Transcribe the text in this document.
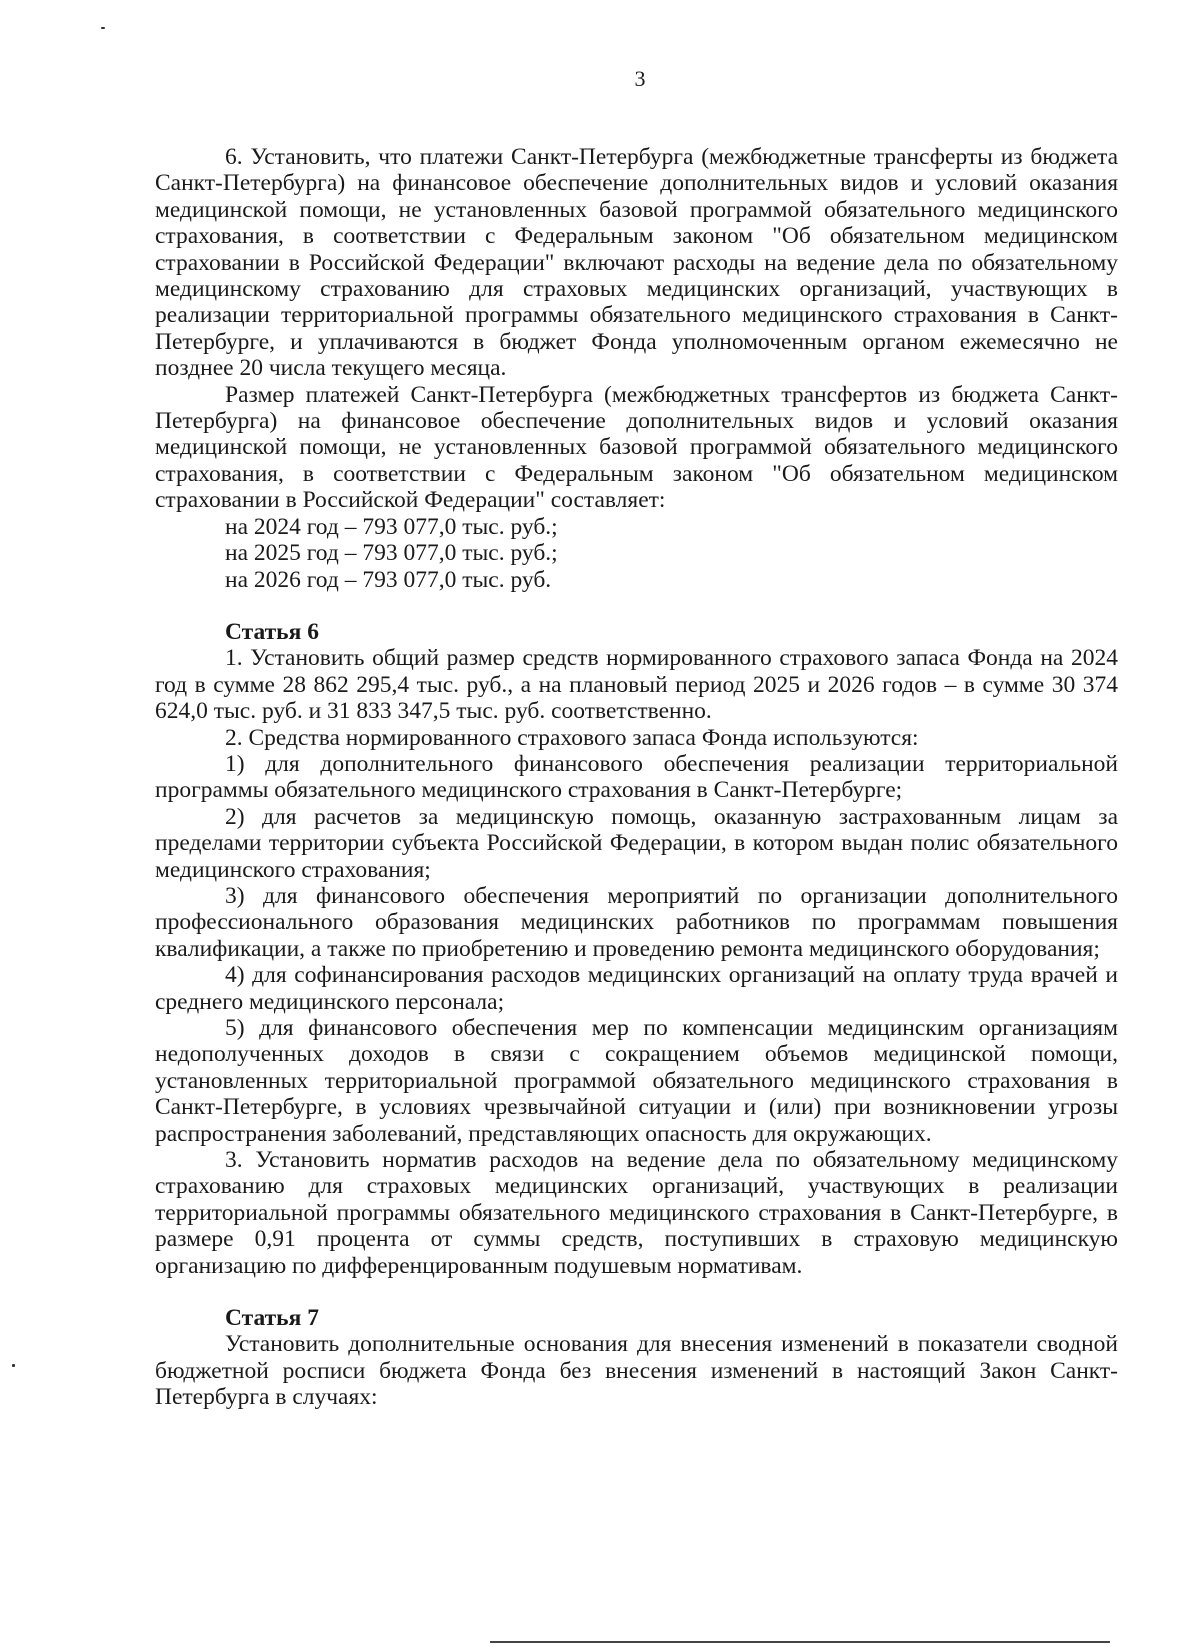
3

6. Установить, что платежи Санкт-Петербурга (межбюджетные трансферты из бюджета Санкт-Петербурга) на финансовое обеспечение дополнительных видов и условий оказания медицинской помощи, не установленных базовой программой обязательного медицинского страхования, в соответствии с Федеральным законом "Об обязательном медицинском страховании в Российской Федерации" включают расходы на ведение дела по обязательному медицинскому страхованию для страховых медицинских организаций, участвующих в реализации территориальной программы обязательного медицинского страхования в Санкт-Петербурге, и уплачиваются в бюджет Фонда уполномоченным органом ежемесячно не позднее 20 числа текущего месяца.

Размер платежей Санкт-Петербурга (межбюджетных трансфертов из бюджета Санкт-Петербурга) на финансовое обеспечение дополнительных видов и условий оказания медицинской помощи, не установленных базовой программой обязательного медицинского страхования, в соответствии с Федеральным законом "Об обязательном медицинском страховании в Российской Федерации" составляет:

на 2024 год – 793 077,0 тыс. руб.;

на 2025 год – 793 077,0 тыс. руб.;

на 2026 год – 793 077,0 тыс. руб.

Статья 6

1. Установить общий размер средств нормированного страхового запаса Фонда на 2024 год в сумме 28 862 295,4 тыс. руб., а на плановый период 2025 и 2026 годов – в сумме 30 374 624,0 тыс. руб. и 31 833 347,5 тыс. руб. соответственно.

2. Средства нормированного страхового запаса Фонда используются:

1) для дополнительного финансового обеспечения реализации территориальной программы обязательного медицинского страхования в Санкт-Петербурге;

2) для расчетов за медицинскую помощь, оказанную застрахованным лицам за пределами территории субъекта Российской Федерации, в котором выдан полис обязательного медицинского страхования;

3) для финансового обеспечения мероприятий по организации дополнительного профессионального образования медицинских работников по программам повышения квалификации, а также по приобретению и проведению ремонта медицинского оборудования;

4) для софинансирования расходов медицинских организаций на оплату труда врачей и среднего медицинского персонала;

5) для финансового обеспечения мер по компенсации медицинским организациям недополученных доходов в связи с сокращением объемов медицинской помощи, установленных территориальной программой обязательного медицинского страхования в Санкт-Петербурге, в условиях чрезвычайной ситуации и (или) при возникновении угрозы распространения заболеваний, представляющих опасность для окружающих.

3. Установить норматив расходов на ведение дела по обязательному медицинскому страхованию для страховых медицинских организаций, участвующих в реализации территориальной программы обязательного медицинского страхования в Санкт-Петербурге, в размере 0,91 процента от суммы средств, поступивших в страховую медицинскую организацию по дифференцированным подушевым нормативам.

Статья 7

Установить дополнительные основания для внесения изменений в показатели сводной бюджетной росписи бюджета Фонда без внесения изменений в настоящий Закон Санкт-Петербурга в случаях:
